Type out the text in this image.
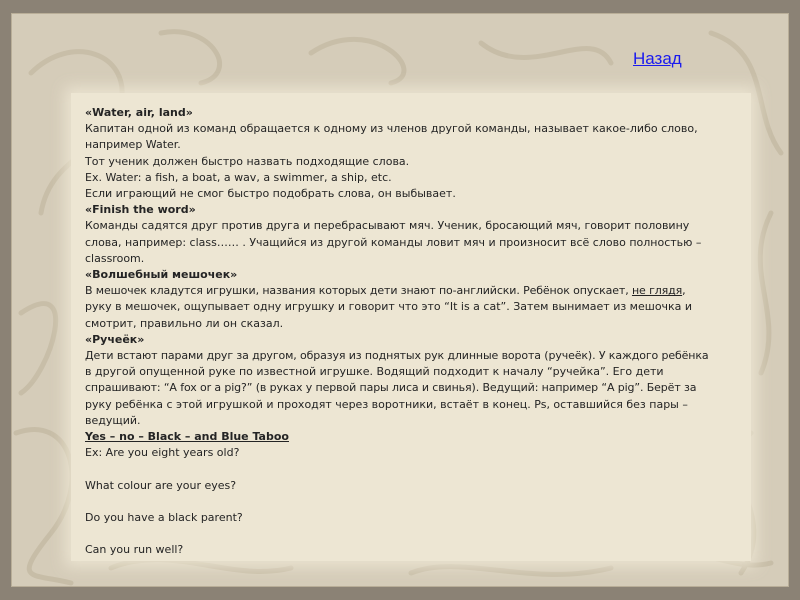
«Water, air, land»

Капитан одной из команд обращается к одному из членов другой команды, называет какое-либо слово,

например Water.

Тот ученик должен быстро назвать подходящие слова.

Ex. Water: a fish, a boat, a wav, a swimmer, a ship, etc.

Если играющий не смог быстро подобрать слова, он выбывает.

«Finish the word»

Команды садятся друг против друга и перебрасывают мяч. Ученик, бросающий мяч, говорит половину

слова, например: class…… . Учащийся из другой команды ловит мяч и произносит всё слово полностью –

classroom.

«Волшебный мешочек»

В мешочек кладутся игрушки, названия которых дети знают по-английски. Ребёнок опускает, не глядя,

руку в мешочек, ощупывает одну игрушку и говорит что это “It is a cat”. Затем вынимает из мешочка и

смотрит, правильно ли он сказал.

«Ручеёк»

Дети встают парами друг за другом, образуя из поднятых рук длинные ворота (ручеёк). У каждого ребёнка

в другой опущенной руке по известной игрушке. Водящий подходит к началу “ручейка”. Его дети

спрашивают: “A fox or a pig?” (в руках у первой пары лиса и свинья). Ведущий: например “A pig”. Берёт за

руку ребёнка с этой игрушкой и проходят через воротники, встаёт в конец. Ps, оставшийся без пары –

ведущий.

Yes – no – Black – and Blue Taboo

Ex: Are you eight years old?

What colour are your eyes?

Do you have a black parent?

Can you run well?

Назад
